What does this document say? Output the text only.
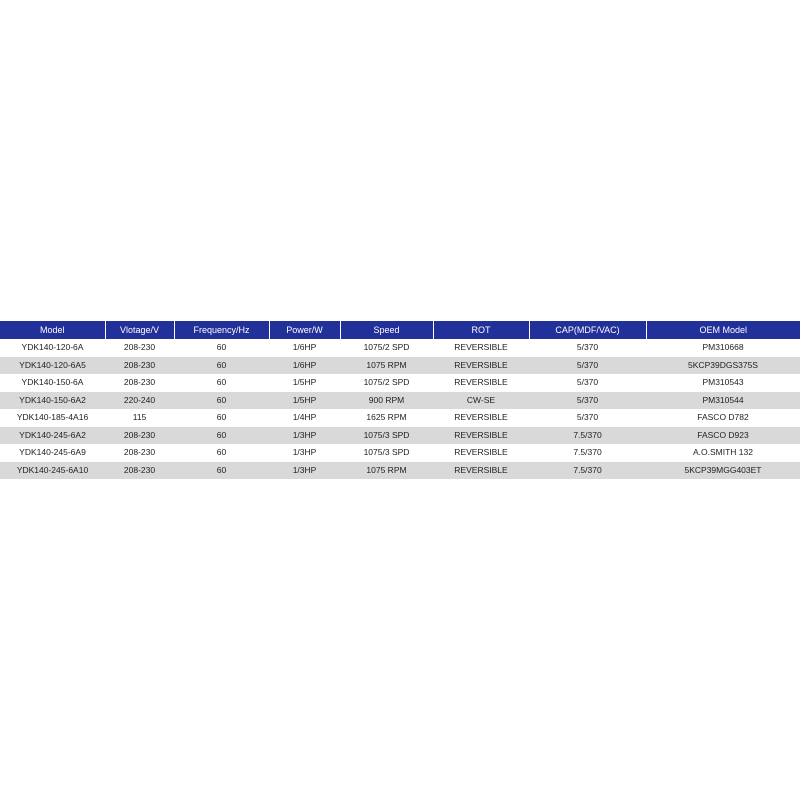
Model	Vlotage/V	Frequency/Hz	Power/W	Speed	ROT	CAP(MDF/VAC)	OEM Model
YDK140-120-6A	208-230	60	1/6HP	1075/2 SPD	REVERSIBLE	5/370	PM310668
YDK140-120-6A5	208-230	60	1/6HP	1075 RPM	REVERSIBLE	5/370	5KCP39DGS375S
YDK140-150-6A	208-230	60	1/5HP	1075/2 SPD	REVERSIBLE	5/370	PM310543
YDK140-150-6A2	220-240	60	1/5HP	900 RPM	CW-SE	5/370	PM310544
YDK140-185-4A16	115	60	1/4HP	1625 RPM	REVERSIBLE	5/370	FASCO D782
YDK140-245-6A2	208-230	60	1/3HP	1075/3 SPD	REVERSIBLE	7.5/370	FASCO D923
YDK140-245-6A9	208-230	60	1/3HP	1075/3 SPD	REVERSIBLE	7.5/370	A.O.SMITH 132
YDK140-245-6A10	208-230	60	1/3HP	1075 RPM	REVERSIBLE	7.5/370	5KCP39MGG403ET
